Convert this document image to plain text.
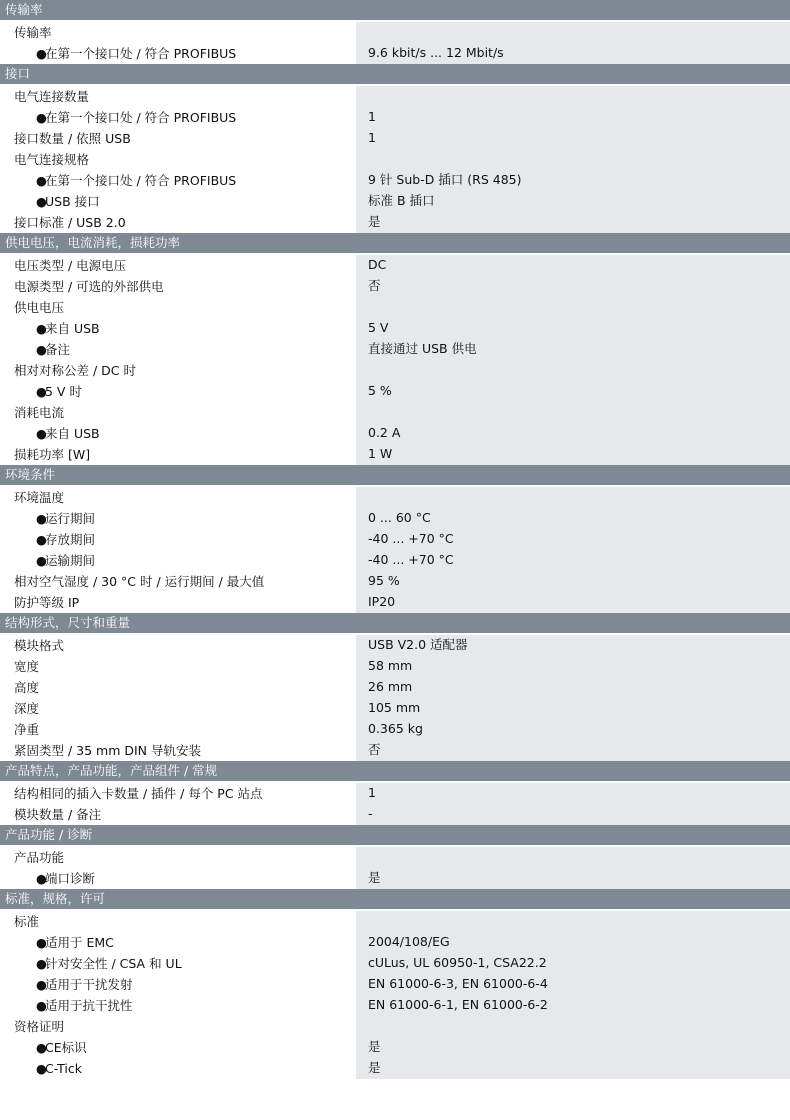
传输率
传输率
●在第一个接口处 / 符合 PROFIBUS	9.6 kbit/s ... 12 Mbit/s
接口
电气连接数量
●在第一个接口处 / 符合 PROFIBUS	1
接口数量 / 依照 USB	1
电气连接规格
●在第一个接口处 / 符合 PROFIBUS	9 针 Sub-D 插口 (RS 485)
●USB 接口	标准 B 插口
接口标准 / USB 2.0	是
供电电压，电流消耗，损耗功率
电压类型 / 电源电压	DC
电源类型 / 可选的外部供电	否
供电电压
●来自 USB	5 V
●备注	直接通过 USB 供电
相对对称公差 / DC 时
●5 V 时	5 %
消耗电流
●来自 USB	0.2 A
损耗功率 [W]	1 W
环境条件
环境温度
●运行期间	0 ... 60 °C
●存放期间	-40 ... +70 °C
●运输期间	-40 ... +70 °C
相对空气湿度 / 30 °C 时 / 运行期间 / 最大值	95 %
防护等级 IP	IP20
结构形式，尺寸和重量
模块格式	USB V2.0 适配器
宽度	58 mm
高度	26 mm
深度	105 mm
净重	0.365 kg
紧固类型 / 35 mm DIN 导轨安装	否
产品特点，产品功能，产品组件 / 常规
结构相同的插入卡数量 / 插件 / 每个 PC 站点	1
模块数量 / 备注	-
产品功能 / 诊断
产品功能
●端口诊断	是
标准，规格，许可
标准
●适用于 EMC	2004/108/EG
●针对安全性 / CSA 和 UL	cULus, UL 60950-1, CSA22.2
●适用于干扰发射	EN 61000-6-3, EN 61000-6-4
●适用于抗干扰性	EN 61000-6-1, EN 61000-6-2
资格证明
●CE标识	是
●C-Tick	是
